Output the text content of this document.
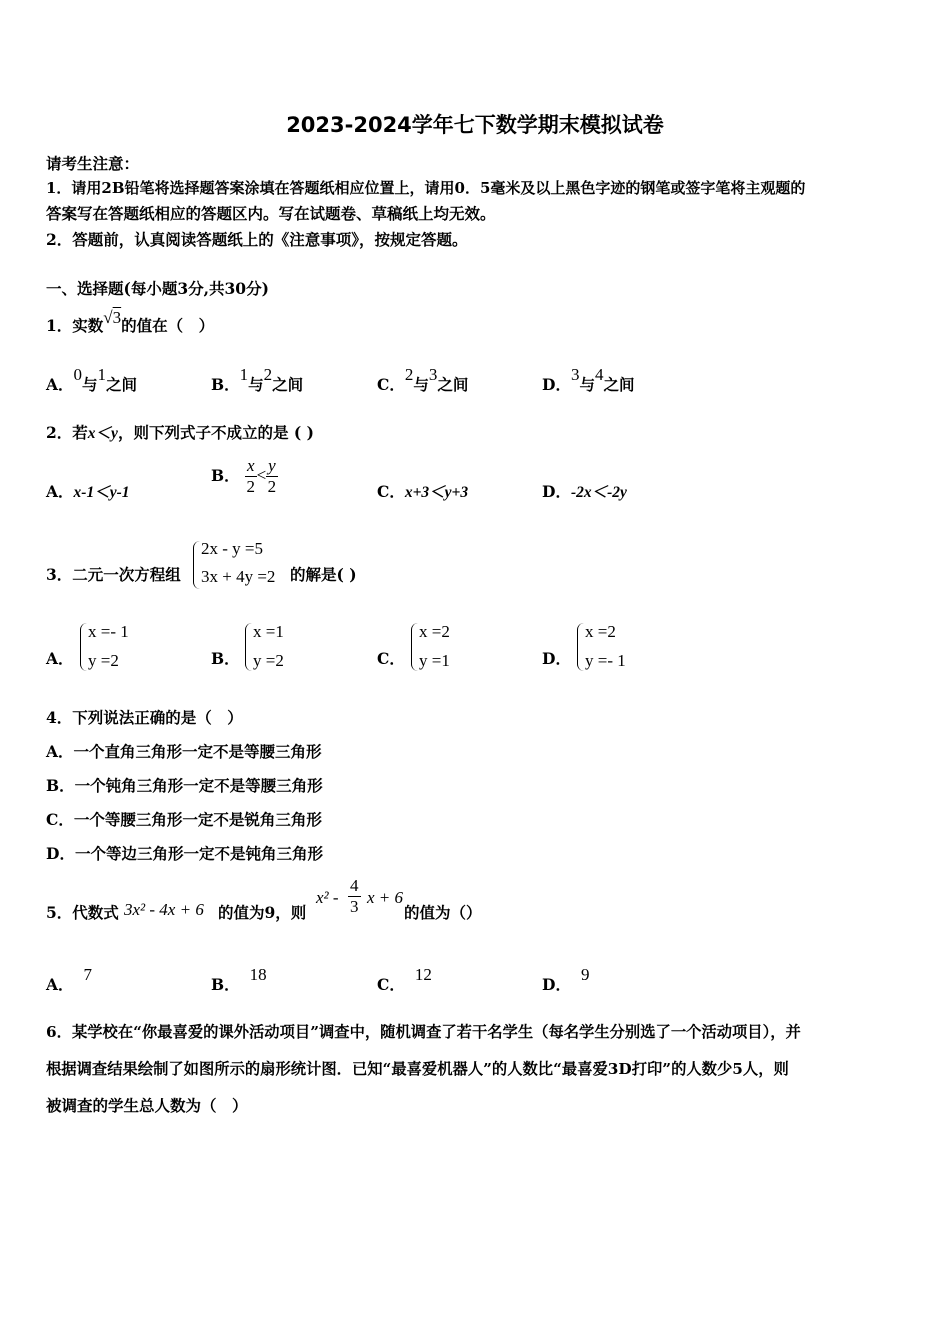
2023-2024学年七下数学期末模拟试卷
请考生注意：
1．请用2B铅笔将选择题答案涂填在答题纸相应位置上，请用0．5毫米及以上黑色字迹的钢笔或签字笔将主观题的
答案写在答题纸相应的答题区内。写在试题卷、草稿纸上均无效。
2．答题前，认真阅读答题纸上的《注意事项》，按规定答题。
一、选择题(每小题3分,共30分)
1．实数√3的值在（　）
A．0与1之间	B．1与2之间	C．2与3之间	D．3与4之间
2．若x＜y，则下列式子不成立的是 ( )
A．x-1＜y-1
B． $\frac{x}{2} < \frac{y}{2}$	C．x+3＜y+3	D．-2x＜-2y
3．二元一次方程组
2x - y =5
3x + 4y =2 的解是( )
A．
x =- 1
y =2	B．
x =1
y =2	C．
x =2
y =1	D．
x =2
y =- 1
4．下列说法正确的是（　）
A．一个直角三角形一定不是等腰三角形
B．一个钝角三角形一定不是等腰三角形
C．一个等腰三角形一定不是锐角三角形
D．一个等边三角形一定不是钝角三角形
5．代数式 3x² - 4x + 6 的值为9，则
$x^2 - \frac{4}{3}$ x + 6
的值为（）
A．7
B．18
C．12
D．9
6．某学校在“你最喜爱的课外活动项目”调查中，随机调查了若干名学生（每名学生分别选了一个活动项目），并
根据调查结果绘制了如图所示的扇形统计图．已知“最喜爱机器人”的人数比“最喜爱3D打印”的人数少5人，则
被调查的学生总人数为（　）
